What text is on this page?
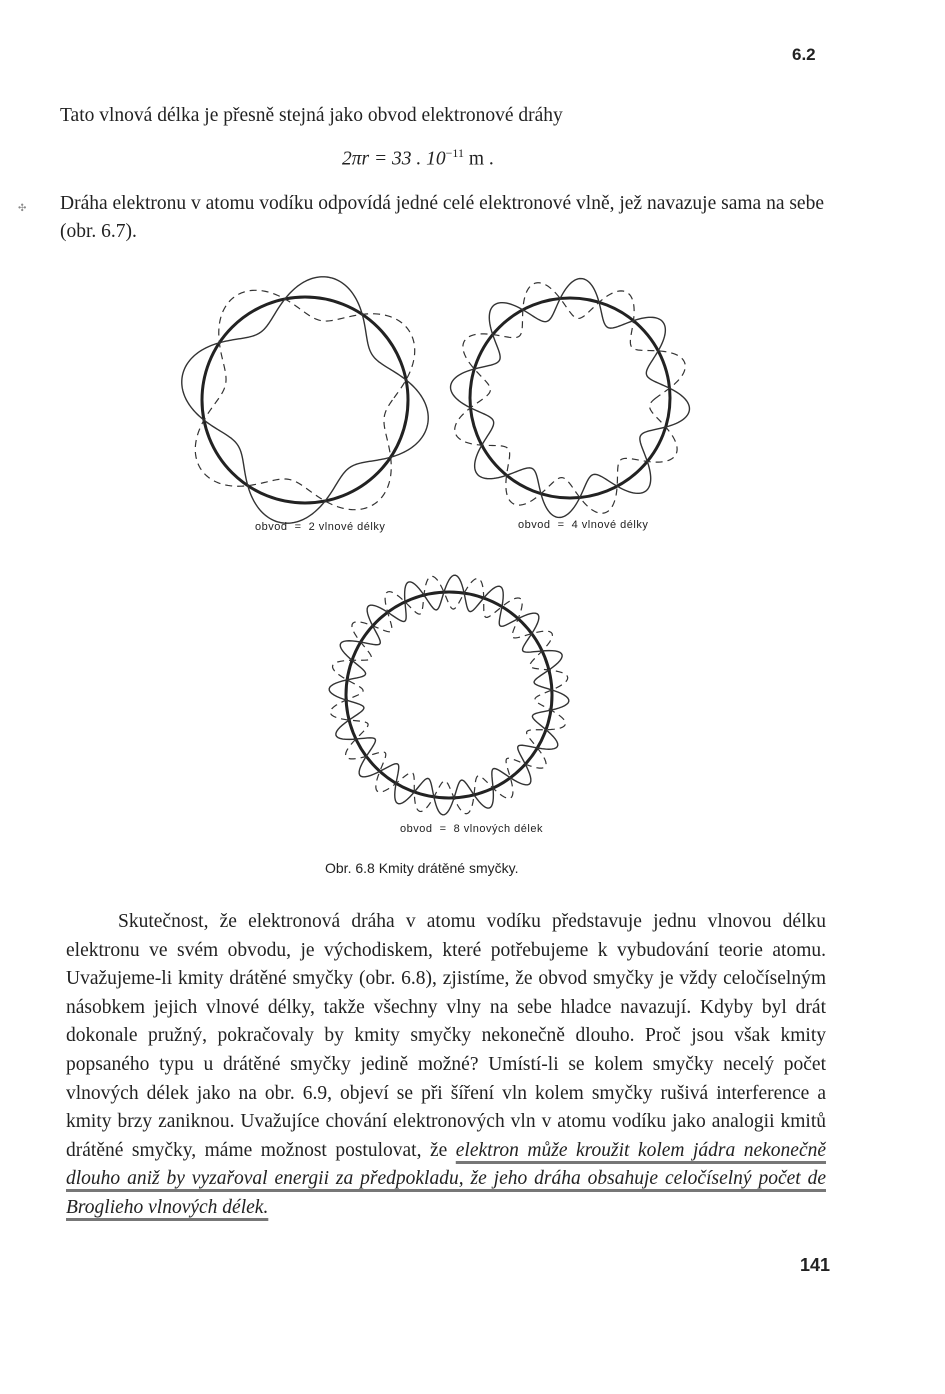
6.2
Tato vlnová délka je přesně stejná jako obvod elektronové dráhy
2πr = 33 . $10^{-11}$ m .
✣ Dráha elektronu v atomu vodíku odpovídá jedné celé elektronové vlně, jež navazuje sama na sebe (obr. 6.7).
obvod  =  2 vlnové délky	obvod  =  4 vlnové délky
obvod  =  8 vlnových délek
Obr. 6.8 Kmity drátěné smyčky.
Skutečnost, že elektronová dráha v atomu vodíku představuje jednu vlnovou délku elektronu ve svém obvodu, je východiskem, které potřebujeme k vybudování teorie atomu. Uvažujeme-li kmity drátěné smyčky (obr. 6.8), zjistíme, že obvod smyčky je vždy celočíselným násobkem jejich vlnové délky, takže všechny vlny na sebe hladce navazují. Kdyby byl drát dokonale pružný, pokračovaly by kmity smyčky nekonečně dlouho. Proč jsou však kmity popsaného typu u drátěné smyčky jedině možné? Umístí-li se kolem smyčky necelý počet vlnových délek jako na obr. 6.9, objeví se při šíření vln kolem smyčky rušivá interference a kmity brzy zaniknou. Uvažujíce chování elektronových vln v atomu vodíku jako analogii kmitů drátěné smyčky, máme možnost postulovat, že elektron může kroužit kolem jádra nekonečně dlouho aniž by vyzařoval energii za předpokladu, že jeho dráha obsahuje celočíselný počet de Broglieho vlnových délek.
141
